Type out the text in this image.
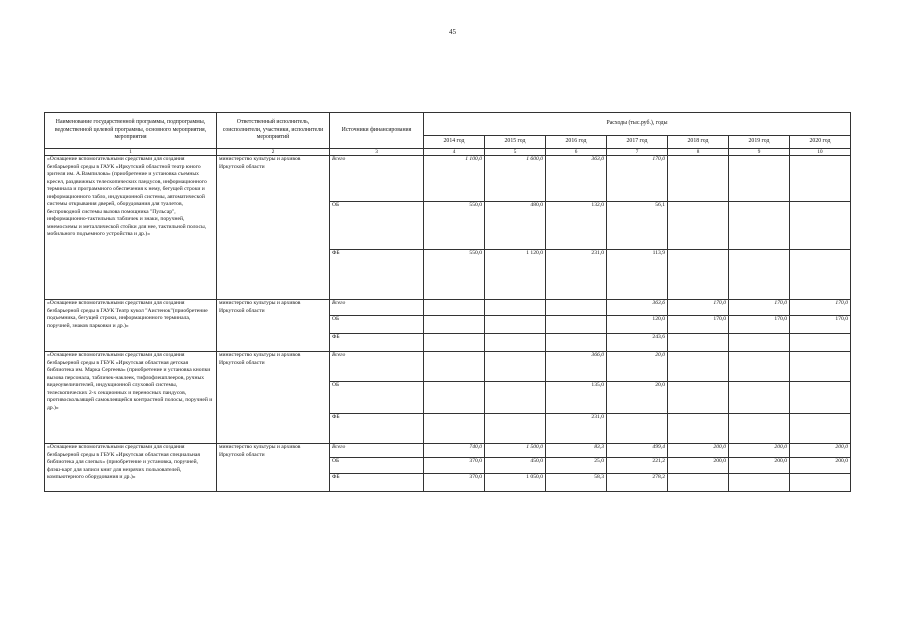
45
Наименование государственной программы, подпрограммы, ведомственной целевой программы, основного мероприятия, мероприятия	Ответственный исполнитель, соисполнители, участники, исполнители мероприятий	Источники финансирования	Расходы (тыс.руб.), годы						
			2014 год	2015 год	2016 год	2017 год	2018 год	2019 год	2020 год
1	2	3	4	5	6	7	8	9	10
«Оснащение вспомогательными средствами для создания безбарьерной среды в ГАУК «Иркутский областной театр юного зрителя им. А.Вампилова» (приобретение и установка съемных кресел, раздвижных телескопических пандусов, информационного терминала и программного обеспечения к нему, бегущей строки и информационного табло, индукционной системы, автоматической системы открывания дверей, оборудования для туалетов, беспроводной системы вызова помощника "Пульсар", информационно-тактильных табличек и знаки, поручней, мнемосхемы и металлической стойки для нее, тактильной полосы, мобильного подъемного устройства и др.)»	министерство культуры и архивов Иркутской области	Всего	1 100,0	1 600,0	363,0	170,0			
		ОБ	550,0	480,0	132,0	56,1			
		ФБ	550,0	1 120,0	231,0	113,9			
«Оснащение вспомогательными средствами для создания безбарьерной среды в ГАУК Театр кукол "Аистенок"(приобретение подъемника, бегущей строки, информационного терминала, поручней, знаков парковки и др.)»	министерство культуры и архивов Иркутской области	Всего				363,6	170,0	170,0	170,0
		ОБ				120,0	170,0	170,0	170,0
		ФБ				243,6			
«Оснащение вспомогательными средствами для создания безбарьерной среды в ГБУК «Иркутская областная детская библиотека им. Марка Сергеева» (приобретение и установка кнопки вызова персонала, табличек-наклеек, тифлофлешплееров, ручных видеоувеличителей, индукционной слуховой системы, телескопических 2-х секционных и переносных пандусов, противоскользящей самоклеящейся контрастной полосы, поручней и др.)»	министерство культуры и архивов Иркутской области	Всего			366,0	20,0			
		ОБ			135,0	20,0			
		ФБ			231,0				
«Оснащение вспомогательными средствами для создания безбарьерной среды в ГБУК «Иркутская областная специальная библиотека для слепых» (приобретение и установка, поручней, флэш-карт для записи книг для незрячих пользователей, компьютерного оборудования и др.)»	министерство культуры и архивов Иркутской области	Всего	740,0	1 500,0	83,3	499,4	200,0	200,0	200,0
		ОБ	370,0	450,0	25,0	221,2	200,0	200,0	200,0
		ФБ	370,0	1 050,0	58,3	278,2			
